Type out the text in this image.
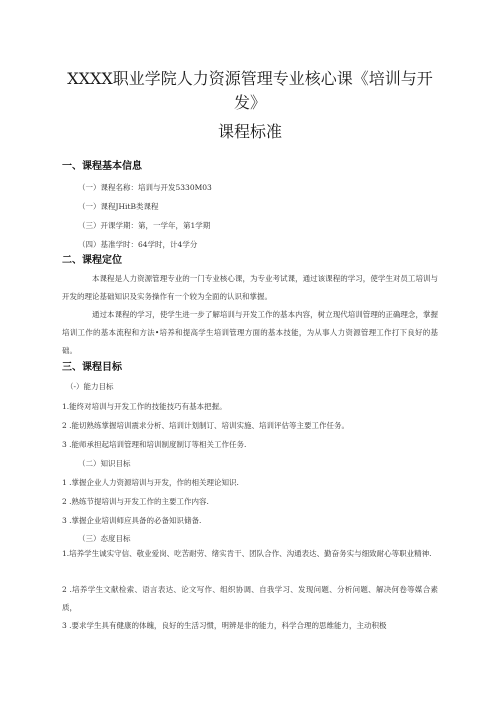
XXXX职业学院人力资源管理专业核心课《培训与开发》
课程标准
一、课程基本信息
（一）课程名称：培训与开发5330M03
（一）课程JHitB类课程
（三）开课学期：第，一学年，第1学期
（四）基准学时：64学时，计4学分
二、课程定位
本课程是人力资源管理专业的一门专业核心课，为专业考试课，通过该课程的学习，使学生对员工培训与开发的理论基础知识及实务操作有一个较为全面的认识和掌握。
通过本课程的学习，使学生进一步了解培训与开发工作的基本内容，树立现代培训管理的正确理念，掌握培训工作的基本流程和方法•培养和提高学生培训管理方面的基本技能，为从事人力资源管理工作打下良好的基础。
三、课程目标
（-）能力目标
1.能终对培训与开发工作的技能技巧有基本把握。
2 .能切熟练掌握培训震求分析、培训计划制订、培训实施、培训评估等主要工作任务。
3 .能师承担起培训管理和培训制度制订等相关工作任务.
（二）知识目标
1 .掌握企业人力资源培训与开发，作的相关理论知识.
2 .熟练节提培训与开发工作的主要工作内容.
3 .掌握企业培训师应具备的必备知识储备.
（三）态度目标
1.培养学生诚实守信、敬业爱岗、吃苦耐劳、绪实肯干、团队合作、沟通表达、勤奋务实与细致耐心等职业精神.
2 .培养学生文献检索、语言表达、论文写作、组织协调、自我学习、发现问题、分析问题、解决何卷等媒合素质，
3 .要求学生具有健康的体魄，良好的生活习惯，明辨是非的能力，科学合理的思维能力，主动积极
